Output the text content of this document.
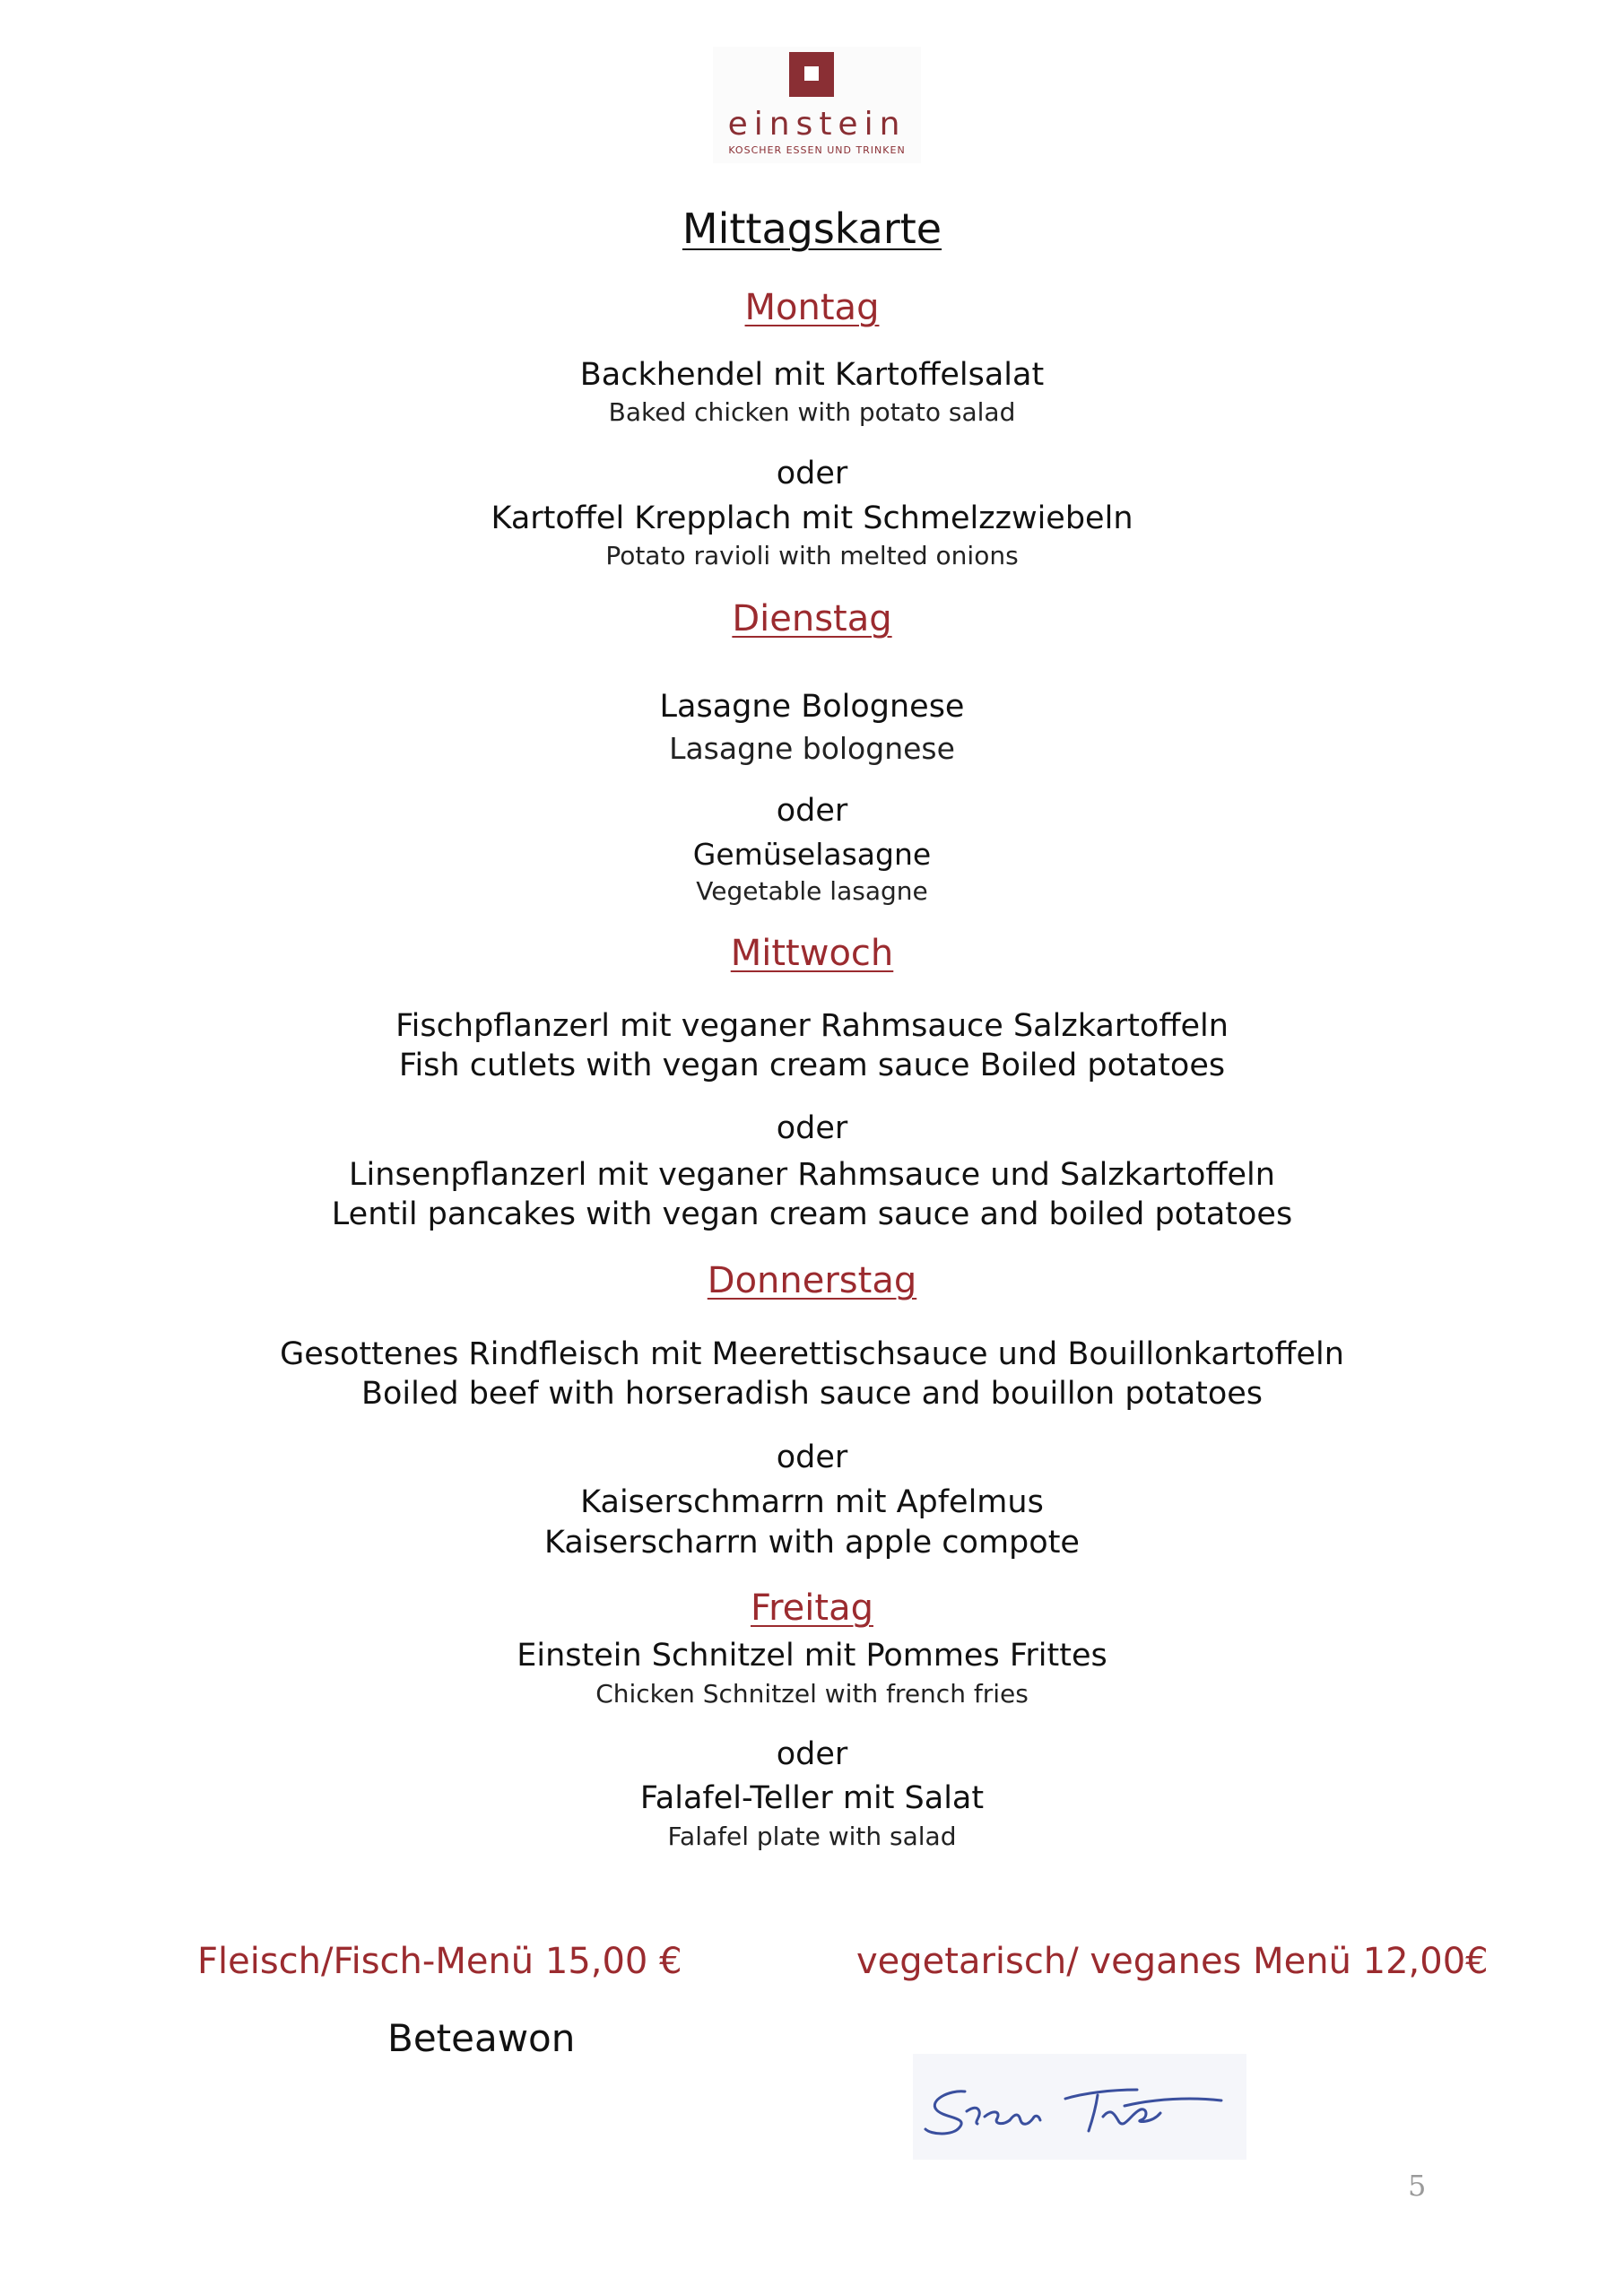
einstein
KOSCHER ESSEN UND TRINKEN
Mittagskarte
Montag
Backhendel mit Kartoffelsalat
Baked chicken with potato salad
oder
Kartoffel Krepplach mit Schmelzzwiebeln
Potato ravioli with melted onions
Dienstag
Lasagne Bolognese
Lasagne bolognese
oder
Gemüselasagne
Vegetable lasagne
Mittwoch
Fischpflanzerl mit veganer Rahmsauce Salzkartoffeln
Fish cutlets with vegan cream sauce Boiled potatoes
oder
Linsenpflanzerl mit veganer Rahmsauce und Salzkartoffeln
Lentil pancakes with vegan cream sauce and boiled potatoes
Donnerstag
Gesottenes Rindfleisch mit Meerettischsauce und Bouillonkartoffeln
Boiled beef with horseradish sauce and bouillon potatoes
oder
Kaiserschmarrn mit Apfelmus
Kaiserscharrn with apple compote
Freitag
Einstein Schnitzel mit Pommes Frittes
Chicken Schnitzel with french fries
oder
Falafel-Teller mit Salat
Falafel plate with salad
Fleisch/Fisch-Menü 15,00 €	vegetarisch/ veganes Menü 12,00€
Beteawon
5
